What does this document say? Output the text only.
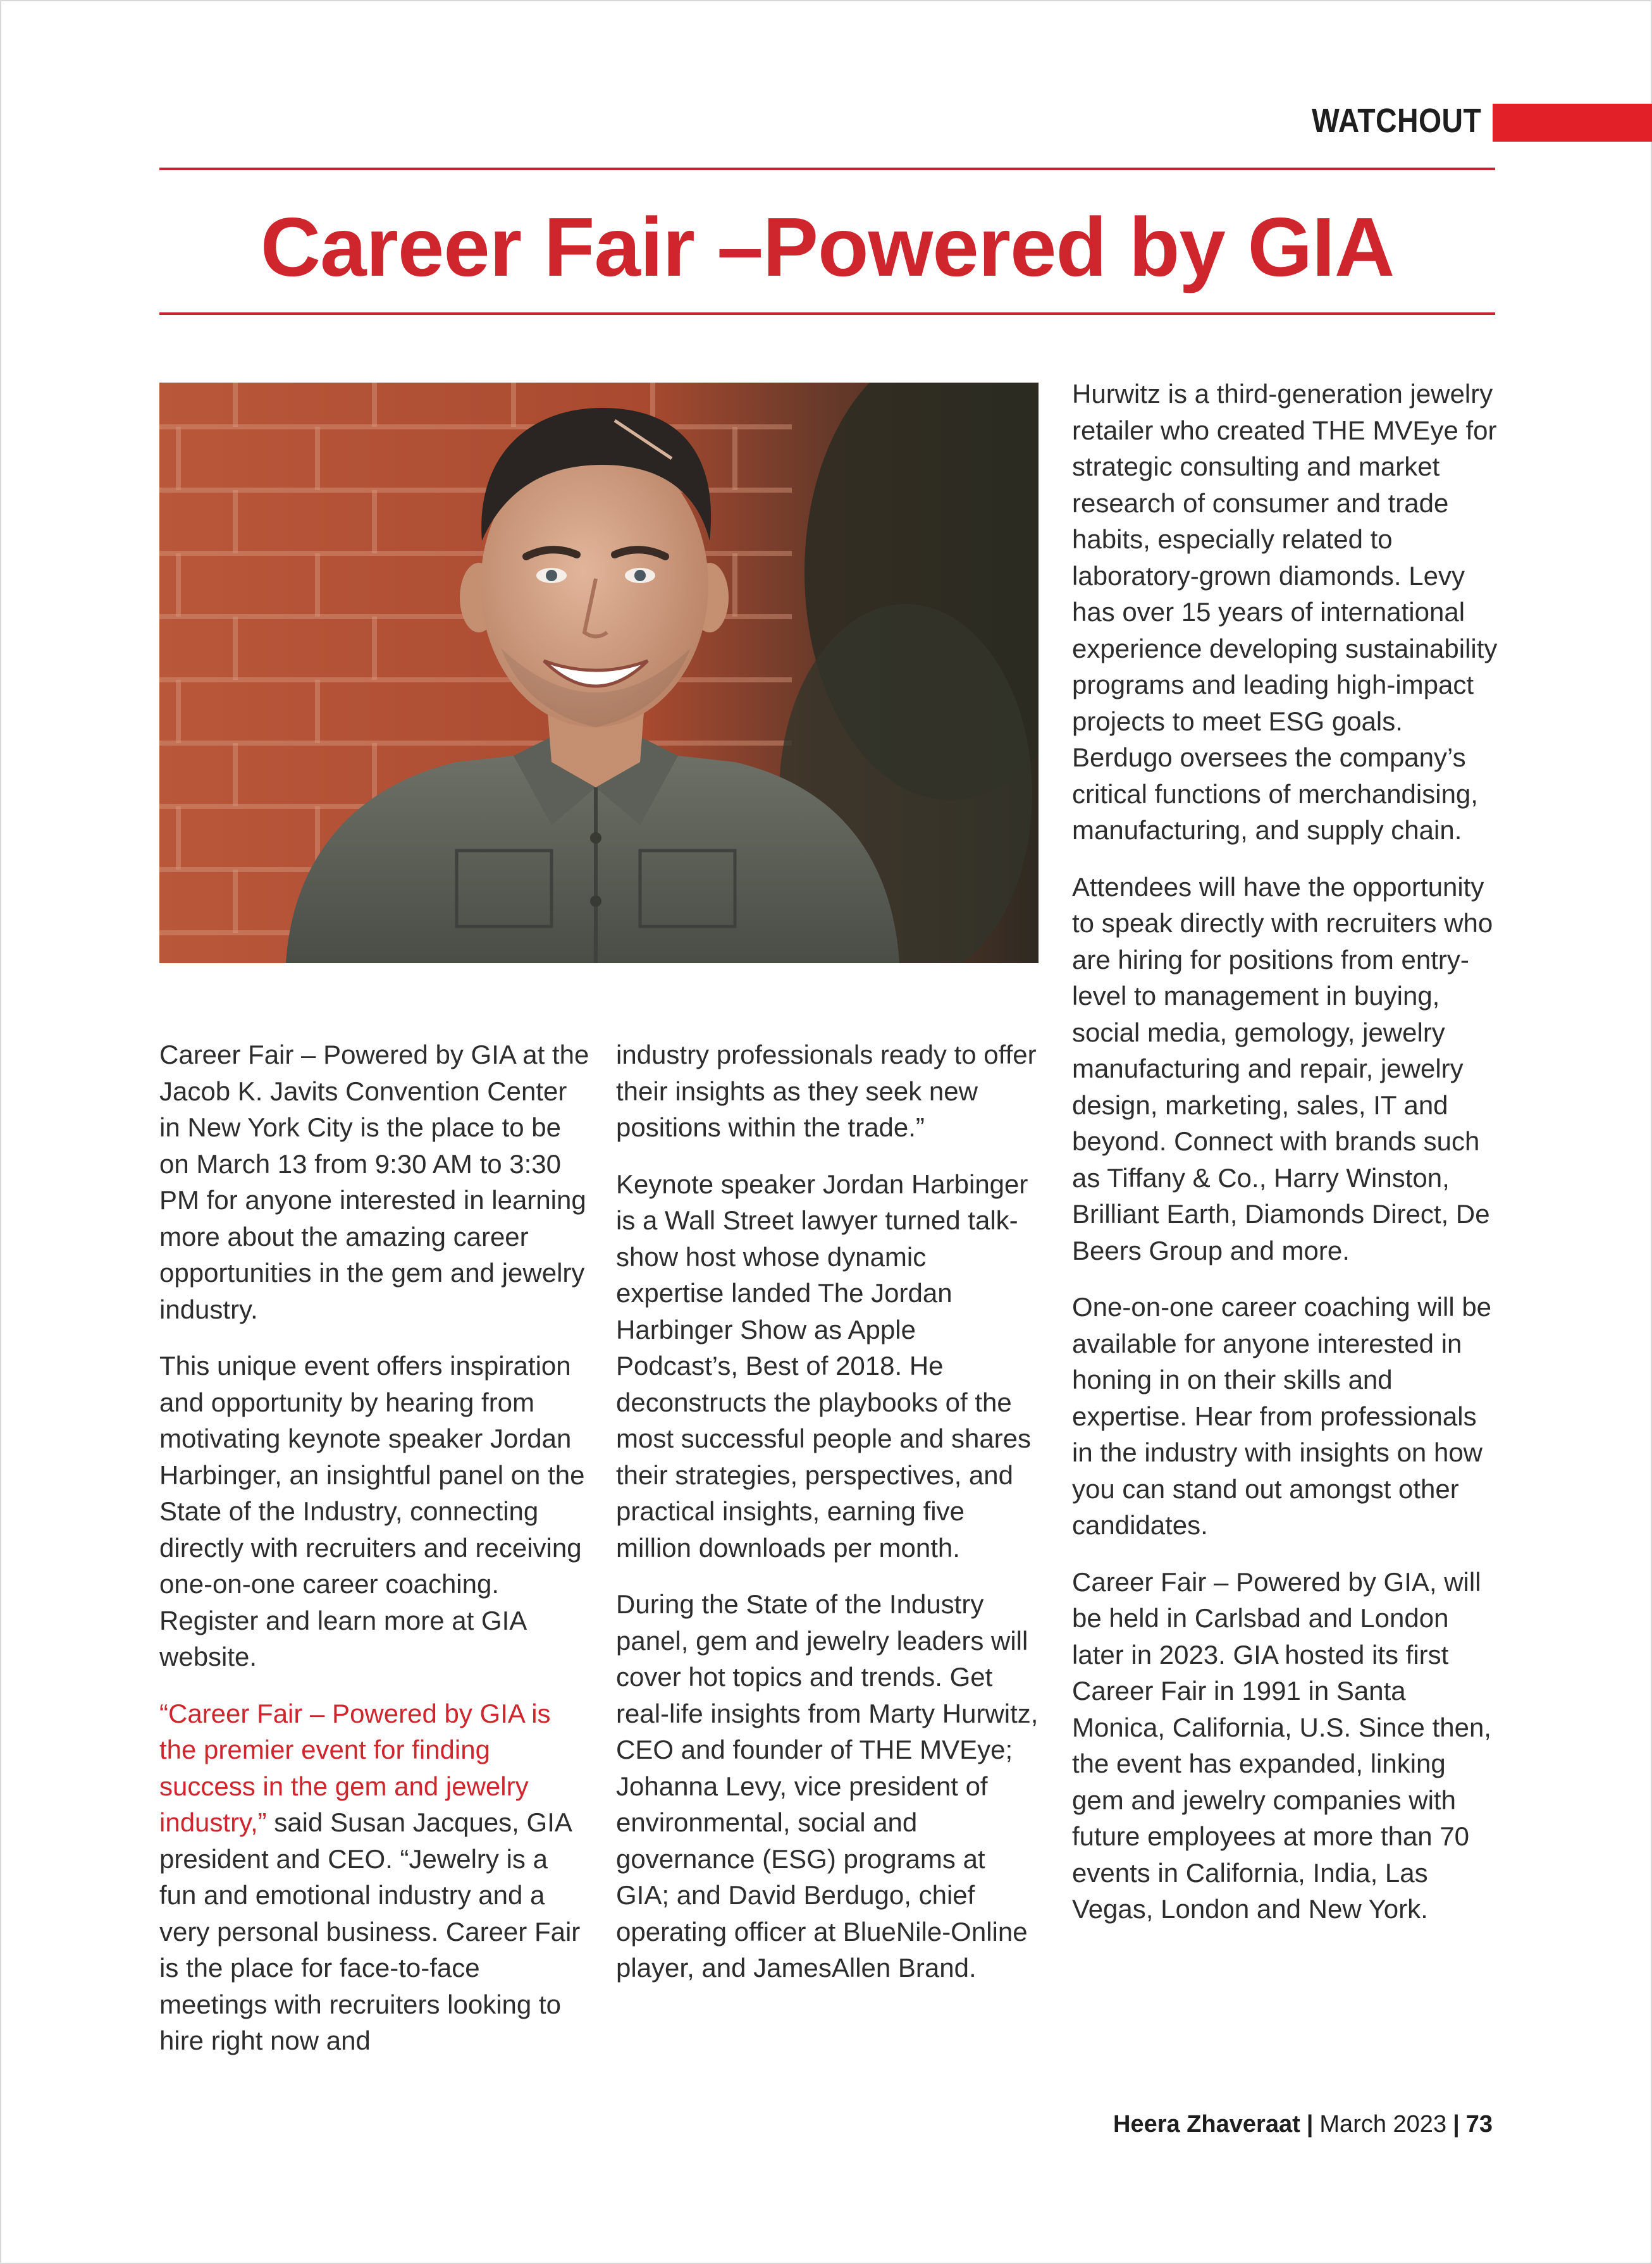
WATCHOUT
Career Fair –Powered by GIA

Career Fair – Powered by GIA at the Jacob K. Javits Convention Center in New York City is the place to be on March 13 from 9:30 AM to 3:30 PM for anyone interested in learning more about the amazing career opportunities in the gem and jewelry industry.

This unique event offers inspiration and opportunity by hearing from motivating keynote speaker Jordan Harbinger, an insightful panel on the State of the Industry, connecting directly with recruiters and receiving one-on-one career coaching. Register and learn more at GIA website.

“Career Fair – Powered by GIA is the premier event for finding success in the gem and jewelry industry,” said Susan Jacques, GIA president and CEO. “Jewelry is a fun and emotional industry and a very personal business. Career Fair is the place for face-to-face meetings with recruiters looking to hire right now and

industry professionals ready to offer their insights as they seek new positions within the trade.”

Keynote speaker Jordan Harbinger is a Wall Street lawyer turned talk-show host whose dynamic expertise landed The Jordan Harbinger Show as Apple Podcast’s, Best of 2018. He deconstructs the playbooks of the most successful people and shares their strategies, perspectives, and practical insights, earning five million downloads per month.

During the State of the Industry panel, gem and jewelry leaders will cover hot topics and trends. Get real-life insights from Marty Hurwitz, CEO and founder of THE MVEye; Johanna Levy, vice president of environmental, social and governance (ESG) programs at GIA; and David Berdugo, chief operating officer at BlueNile-Online player, and JamesAllen Brand.

Hurwitz is a third-generation jewelry retailer who created THE MVEye for strategic consulting and market research of consumer and trade habits, especially related to laboratory-grown diamonds. Levy has over 15 years of international experience developing sustainability programs and leading high-impact projects to meet ESG goals. Berdugo oversees the company’s critical functions of merchandising, manufacturing, and supply chain.

Attendees will have the opportunity to speak directly with recruiters who are hiring for positions from entry-level to management in buying, social media, gemology, jewelry manufacturing and repair, jewelry design, marketing, sales, IT and beyond. Connect with brands such as Tiffany & Co., Harry Winston, Brilliant Earth, Diamonds Direct, De Beers Group and more.

One-on-one career coaching will be available for anyone interested in honing in on their skills and expertise. Hear from professionals in the industry with insights on how you can stand out amongst other candidates.

Career Fair – Powered by GIA, will be held in Carlsbad and London later in 2023. GIA hosted its first Career Fair in 1991 in Santa Monica, California, U.S. Since then, the event has expanded, linking gem and jewelry companies with future employees at more than 70 events in California, India, Las Vegas, London and New York.

Heera Zhaveraat | March 2023 | 73
